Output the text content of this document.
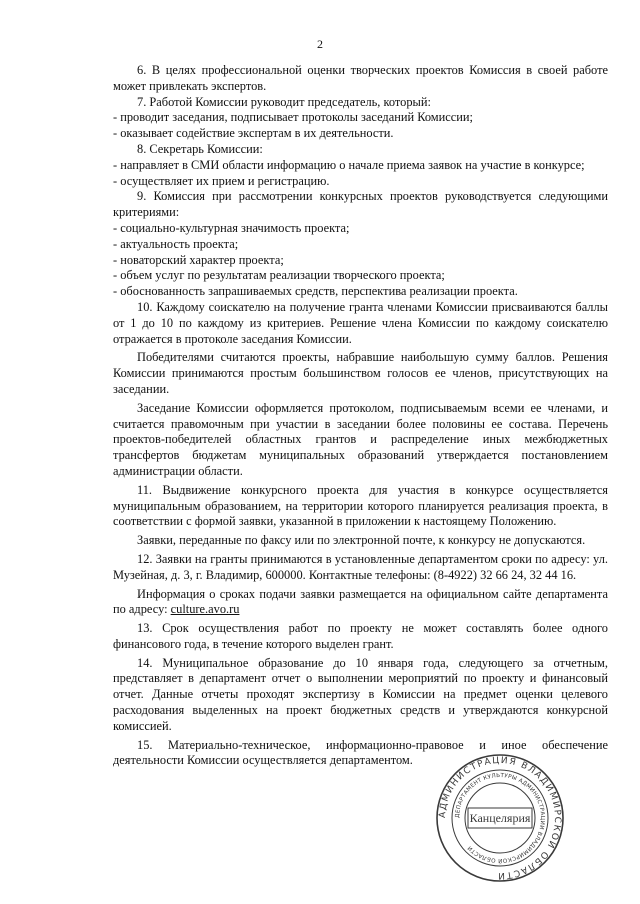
2

6. В целях профессиональной оценки творческих проектов Комиссия в своей работе может привлекать экспертов.

7. Работой Комиссии руководит председатель, который:

- проводит заседания, подписывает протоколы заседаний Комиссии;

- оказывает содействие экспертам в их деятельности.

8. Секретарь Комиссии:

- направляет в СМИ области информацию о начале приема заявок на участие в конкурсе;

- осуществляет их прием и регистрацию.

9. Комиссия при рассмотрении конкурсных проектов руководствуется следующими критериями:

- социально-культурная значимость проекта;

- актуальность проекта;

- новаторский характер проекта;

- объем услуг по результатам реализации творческого проекта;

- обоснованность запрашиваемых средств, перспектива реализации проекта.

10. Каждому соискателю на получение гранта членами Комиссии присваиваются баллы от 1 до 10 по каждому из критериев. Решение члена Комиссии по каждому соискателю отражается в протоколе заседания Комиссии.

Победителями считаются проекты, набравшие наибольшую сумму баллов. Решения Комиссии принимаются простым большинством голосов ее членов, присутствующих на заседании.

Заседание Комиссии оформляется протоколом, подписываемым всеми ее членами, и считается правомочным при участии в заседании более половины ее состава. Перечень проектов-победителей областных грантов и распределение иных межбюджетных трансфертов бюджетам муниципальных образований утверждается постановлением администрации области.

11. Выдвижение конкурсного проекта для участия в конкурсе осуществляется муниципальным образованием, на территории которого планируется реализация проекта, в соответствии с формой заявки, указанной в приложении к настоящему Положению.

Заявки, переданные по факсу или по электронной почте, к конкурсу не допускаются.

12. Заявки на гранты принимаются в установленные департаментом сроки по адресу: ул. Музейная, д. 3, г. Владимир, 600000. Контактные телефоны: (8-4922) 32 66 24, 32 44 16.

Информация о сроках подачи заявки размещается на официальном сайте департамента по адресу: culture.avo.ru

13. Срок осуществления работ по проекту не может составлять более одного финансового года, в течение которого выделен грант.

14. Муниципальное образование до 10 января года, следующего за отчетным, представляет в департамент отчет о выполнении мероприятий по проекту и финансовый отчет. Данные отчеты проходят экспертизу в Комиссии на предмет оценки целевого расходования выделенных на проект бюджетных средств и утверждаются конкурсной комиссией.

15. Материально-техническое, информационно-правовое и иное обеспечение деятельности Комиссии осуществляется департаментом.

АДМИНИСТРАЦИЯ ВЛАДИМИРСКОЙ ОБЛАСТИ
ДЕПАРТАМЕНТ КУЛЬТУРЫ АДМИНИСТРАЦИИ ВЛАДИМИРСКОЙ ОБЛАСТИ
Канцелярия
